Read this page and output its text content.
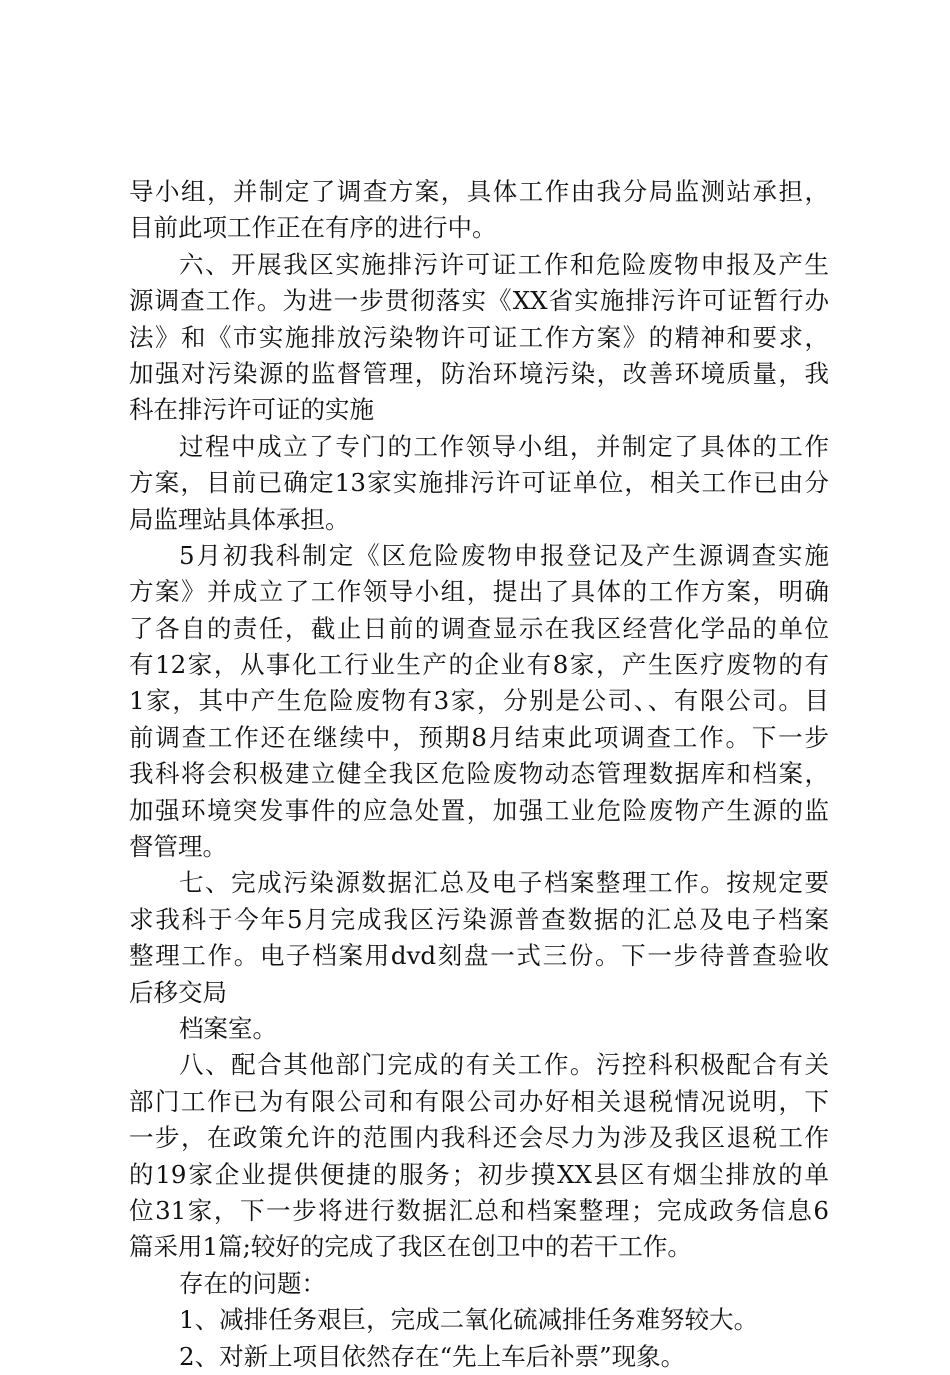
导小组，并制定了调查方案，具体工作由我分局监测站承担，
目前此项工作正在有序的进行中。
六、开展我区实施排污许可证工作和危险废物申报及产生
源调查工作。为进一步贯彻落实《XX省实施排污许可证暂行办
法》和《市实施排放污染物许可证工作方案》的精神和要求，
加强对污染源的监督管理，防治环境污染，改善环境质量，我
科在排污许可证的实施
过程中成立了专门的工作领导小组，并制定了具体的工作
方案，目前已确定13家实施排污许可证单位，相关工作已由分
局监理站具体承担。
5月初我科制定《区危险废物申报登记及产生源调查实施
方案》并成立了工作领导小组，提出了具体的工作方案，明确
了各自的责任，截止日前的调查显示在我区经营化学品的单位
有12家，从事化工行业生产的企业有8家，产生医疗废物的有
1家，其中产生危险废物有3家，分别是公司、、有限公司。目
前调查工作还在继续中，预期8月结束此项调查工作。下一步
我科将会积极建立健全我区危险废物动态管理数据库和档案，
加强环境突发事件的应急处置，加强工业危险废物产生源的监
督管理。
七、完成污染源数据汇总及电子档案整理工作。按规定要
求我科于今年5月完成我区污染源普查数据的汇总及电子档案
整理工作。电子档案用dvd刻盘一式三份。下一步待普查验收
后移交局
档案室。
八、配合其他部门完成的有关工作。污控科积极配合有关
部门工作已为有限公司和有限公司办好相关退税情况说明，下
一步，在政策允许的范围内我科还会尽力为涉及我区退税工作
的19家企业提供便捷的服务；初步摸XX县区有烟尘排放的单
位31家，下一步将进行数据汇总和档案整理；完成政务信息6
篇采用1篇;较好的完成了我区在创卫中的若干工作。
存在的问题：
1、减排任务艰巨，完成二氧化硫减排任务难努较大。
2、对新上项目依然存在“先上车后补票”现象。
